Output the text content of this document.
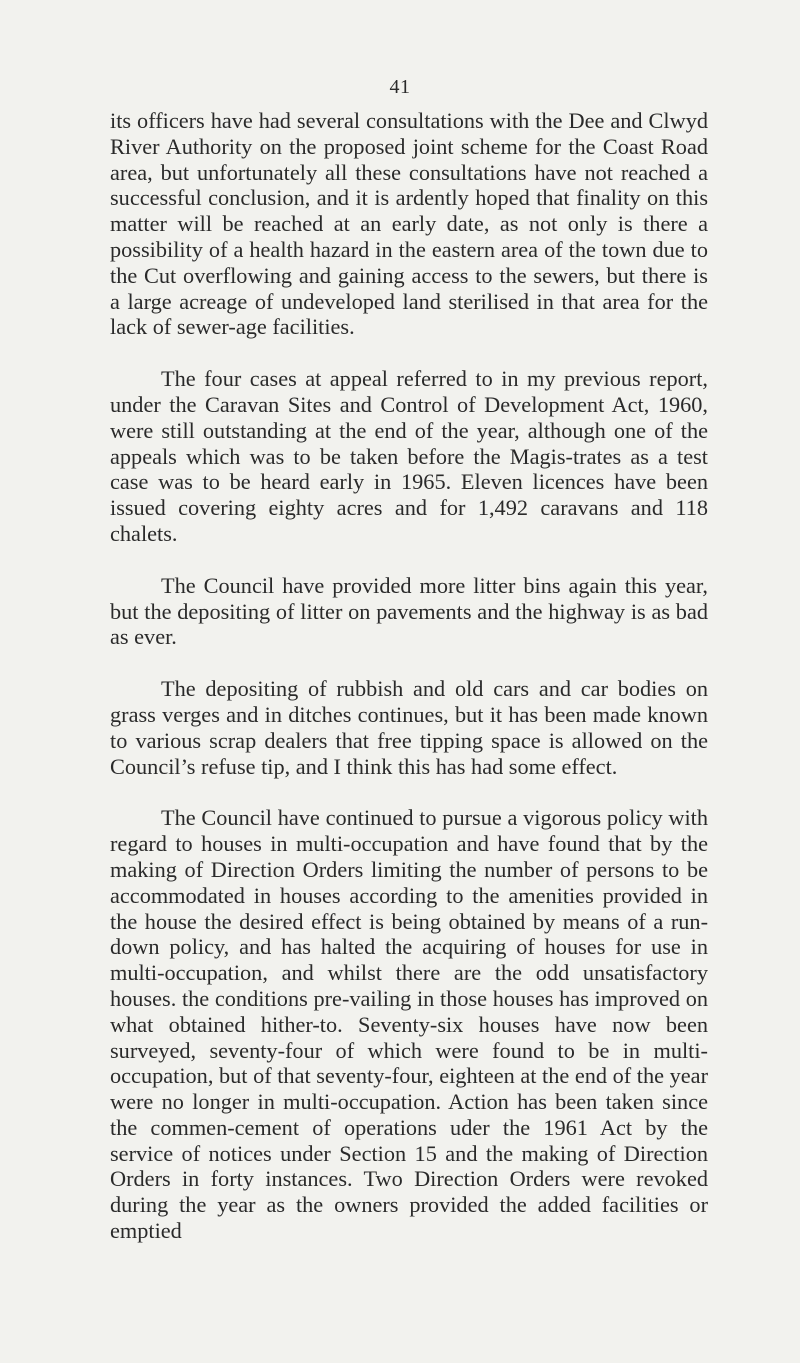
41

its officers have had several consultations with the Dee and Clwyd River Authority on the proposed joint scheme for the Coast Road area, but unfortunately all these consultations have not reached a successful conclusion, and it is ardently hoped that finality on this matter will be reached at an early date, as not only is there a possibility of a health hazard in the eastern area of the town due to the Cut overflowing and gaining access to the sewers, but there is a large acreage of undeveloped land sterilised in that area for the lack of sewer-age facilities.

The four cases at appeal referred to in my previous report, under the Caravan Sites and Control of Development Act, 1960, were still outstanding at the end of the year, although one of the appeals which was to be taken before the Magis-trates as a test case was to be heard early in 1965. Eleven licences have been issued covering eighty acres and for 1,492 caravans and 118 chalets.

The Council have provided more litter bins again this year, but the depositing of litter on pavements and the highway is as bad as ever.

The depositing of rubbish and old cars and car bodies on grass verges and in ditches continues, but it has been made known to various scrap dealers that free tipping space is allowed on the Council’s refuse tip, and I think this has had some effect.

The Council have continued to pursue a vigorous policy with regard to houses in multi-occupation and have found that by the making of Direction Orders limiting the number of persons to be accommodated in houses according to the amenities provided in the house the desired effect is being obtained by means of a run-down policy, and has halted the acquiring of houses for use in multi-occupation, and whilst there are the odd unsatisfactory houses. the conditions pre-vailing in those houses has improved on what obtained hither-to. Seventy-six houses have now been surveyed, seventy-four of which were found to be in multi-occupation, but of that seventy-four, eighteen at the end of the year were no longer in multi-occupation. Action has been taken since the commen-cement of operations uder the 1961 Act by the service of notices under Section 15 and the making of Direction Orders in forty instances. Two Direction Orders were revoked during the year as the owners provided the added facilities or emptied
